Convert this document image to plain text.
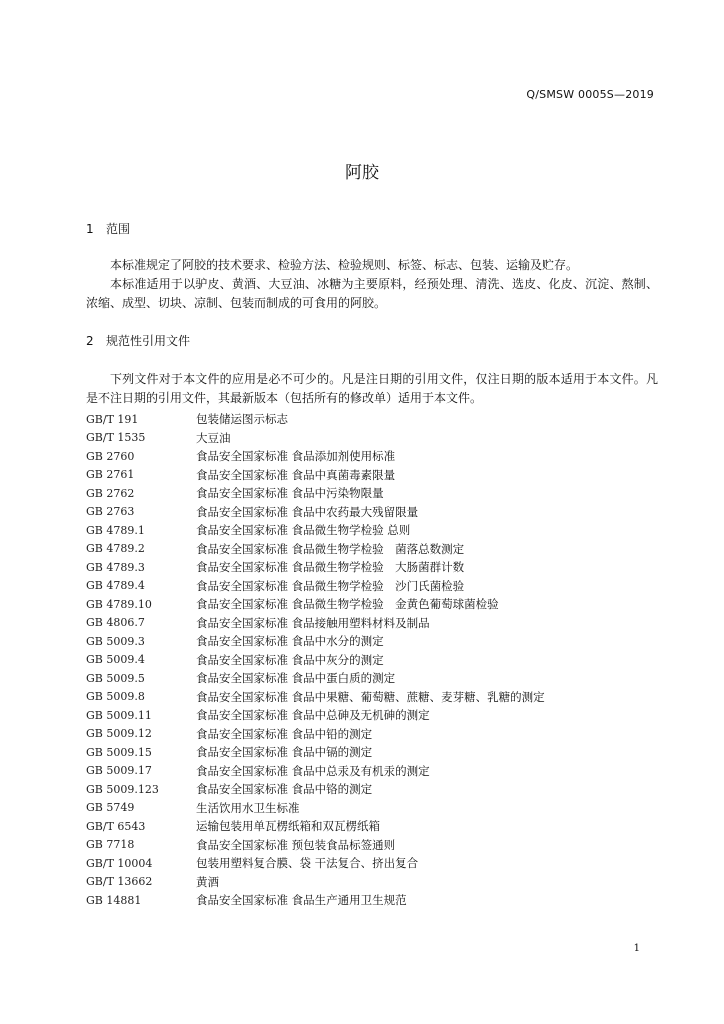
Q/SMSW 0005S—2019
阿胶
1 范围

本标准规定了阿胶的技术要求、检验方法、检验规则、标签、标志、包装、运输及贮存。

本标准适用于以驴皮、黄酒、大豆油、冰糖为主要原料，经预处理、清洗、选皮、化皮、沉淀、熬制、浓缩、成型、切块、凉制、包装而制成的可食用的阿胶。

2 规范性引用文件

下列文件对于本文件的应用是必不可少的。凡是注日期的引用文件，仅注日期的版本适用于本文件。凡是不注日期的引用文件，其最新版本（包括所有的修改单）适用于本文件。

GB/T 191	包装储运图示标志
GB/T 1535	大豆油
GB 2760	食品安全国家标准 食品添加剂使用标准
GB 2761	食品安全国家标准 食品中真菌毒素限量
GB 2762	食品安全国家标准 食品中污染物限量
GB 2763	食品安全国家标准 食品中农药最大残留限量
GB 4789.1	食品安全国家标准 食品微生物学检验 总则
GB 4789.2	食品安全国家标准 食品微生物学检验　菌落总数测定
GB 4789.3	食品安全国家标准 食品微生物学检验　大肠菌群计数
GB 4789.4	食品安全国家标准 食品微生物学检验　沙门氏菌检验
GB 4789.10	食品安全国家标准 食品微生物学检验　金黄色葡萄球菌检验
GB 4806.7	食品安全国家标准 食品接触用塑料材料及制品
GB 5009.3	食品安全国家标准 食品中水分的测定
GB 5009.4	食品安全国家标准 食品中灰分的测定
GB 5009.5	食品安全国家标准 食品中蛋白质的测定
GB 5009.8	食品安全国家标准 食品中果糖、葡萄糖、蔗糖、麦芽糖、乳糖的测定
GB 5009.11	食品安全国家标准 食品中总砷及无机砷的测定
GB 5009.12	食品安全国家标准 食品中铅的测定
GB 5009.15	食品安全国家标准 食品中镉的测定
GB 5009.17	食品安全国家标准 食品中总汞及有机汞的测定
GB 5009.123	食品安全国家标准 食品中铬的测定
GB 5749	生活饮用水卫生标准
GB/T 6543	运输包装用单瓦楞纸箱和双瓦楞纸箱
GB 7718	食品安全国家标准 预包装食品标签通则
GB/T 10004	包装用塑料复合膜、袋 干法复合、挤出复合
GB/T 13662	黄酒
GB 14881	食品安全国家标准 食品生产通用卫生规范
1
